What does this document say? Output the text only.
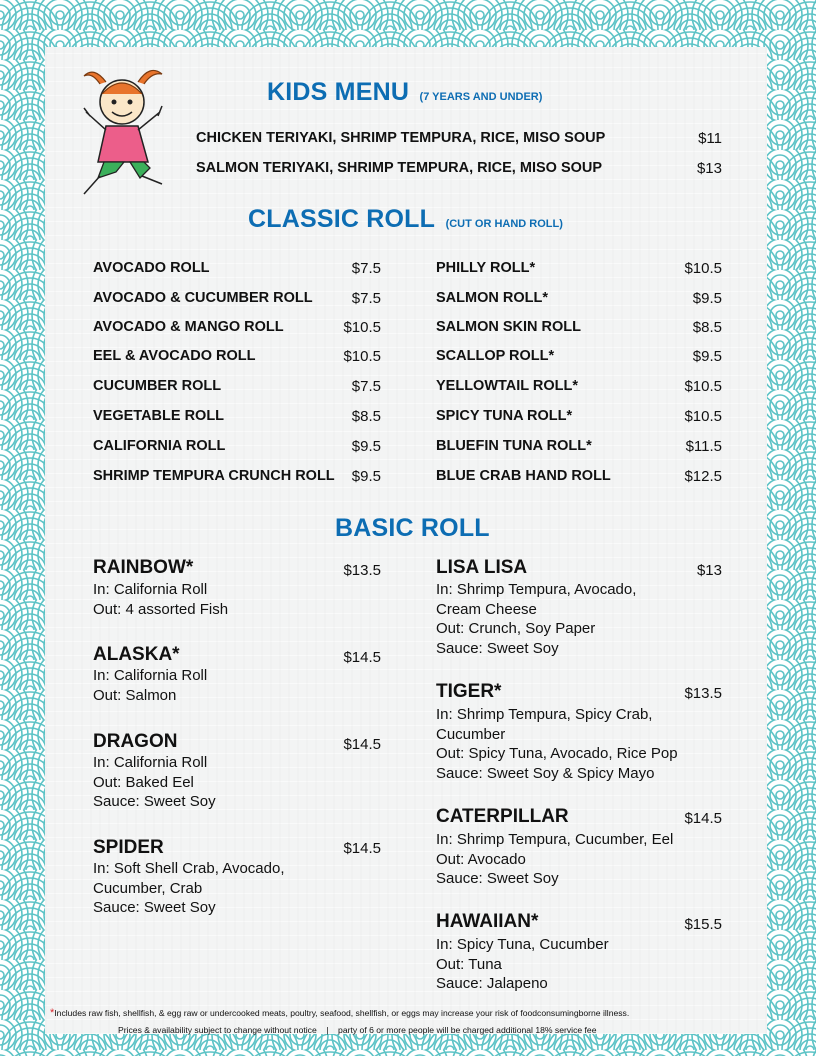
KIDS MENU (7 YEARS AND UNDER)
CHICKEN TERIYAKI, SHRIMP TEMPURA, RICE, MISO SOUP	$11
SALMON TERIYAKI, SHRIMP TEMPURA, RICE, MISO SOUP	$13
CLASSIC ROLL (CUT OR HAND ROLL)
AVOCADO ROLL	$7.5
AVOCADO & CUCUMBER ROLL	$7.5
AVOCADO & MANGO ROLL	$10.5
EEL & AVOCADO ROLL	$10.5
CUCUMBER ROLL	$7.5
VEGETABLE ROLL	$8.5
CALIFORNIA ROLL	$9.5
SHRIMP TEMPURA CRUNCH ROLL $9.5
PHILLY ROLL*	$10.5
SALMON ROLL*	$9.5
SALMON SKIN ROLL	$8.5
SCALLOP ROLL*	$9.5
YELLOWTAIL ROLL*	$10.5
SPICY TUNA ROLL*	$10.5
BLUEFIN TUNA ROLL*	$11.5
BLUE CRAB HAND ROLL	$12.5
BASIC ROLL
RAINBOW*	$13.5
In: California Roll
Out: 4 assorted Fish
ALASKA*	$14.5
In: California Roll
Out: Salmon
DRAGON	$14.5
In: California Roll
Out: Baked Eel
Sauce: Sweet Soy
SPIDER	$14.5
In: Soft Shell Crab, Avocado,
Cucumber, Crab
Sauce: Sweet Soy
LISA LISA	$13
In: Shrimp Tempura, Avocado,
Cream Cheese
Out: Crunch, Soy Paper
Sauce: Sweet Soy
TIGER*	$13.5
In: Shrimp Tempura, Spicy Crab,
Cucumber
Out: Spicy Tuna, Avocado, Rice Pop
Sauce: Sweet Soy & Spicy Mayo
CATERPILLAR	$14.5
In: Shrimp Tempura, Cucumber, Eel
Out: Avocado
Sauce: Sweet Soy
HAWAIIAN*	$15.5
In: Spicy Tuna, Cucumber
Out: Tuna
Sauce: Jalapeno
*Includes raw fish, shellfish, & egg raw or undercooked meats, poultry, seafood, shellfish, or eggs may increase your risk of foodconsumingborne illness.
Prices & availability subject to change without notice    |    party of 6 or more people will be charged additional 18% service fee
